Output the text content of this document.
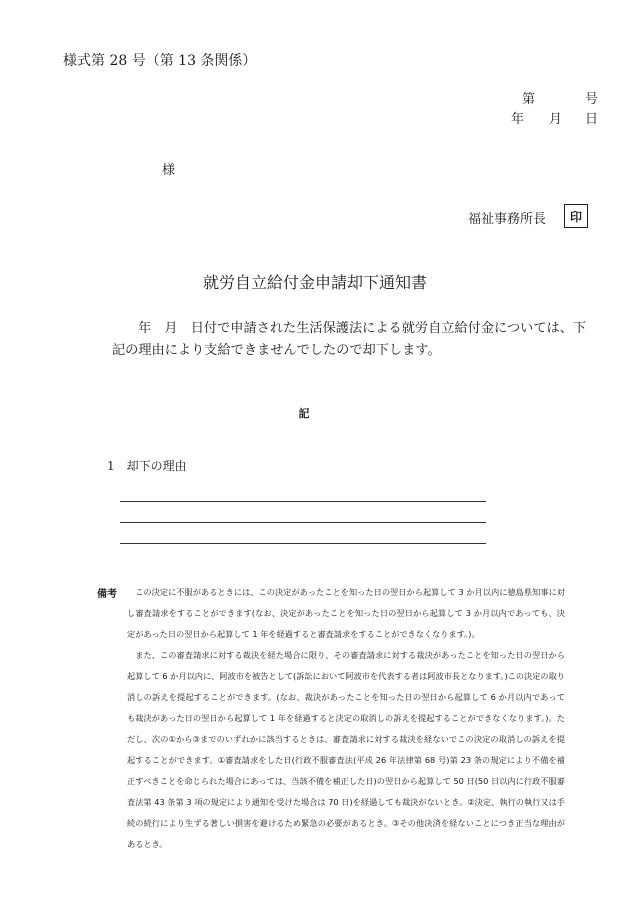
様式第 28 号（第 13 条関係）
第	号
年 月 日
様
福祉事務所長	印
就労自立給付金申請却下通知書
年　月　日付で申請された生活保護法による就労自立給付金については、下記の理由により支給できませんでしたので却下します。
記
1　却下の理由
備考	この決定に不服があるときには、この決定があったことを知った日の翌日から起算して 3 か月以内に徳島県知事に対し審査請求をすることができます(なお、決定があったことを知った日の翌日から起算して 3 か月以内であっても、決定があった日の翌日から起算して 1 年を経過すると審査請求をすることができなくなります。)。

また、この審査請求に対する裁決を経た場合に限り、その審査請求に対する裁決があったことを知った日の翌日から起算して 6 か月以内に、阿波市を被告として(訴訟において阿波市を代表する者は阿波市長となります。)この決定の取り消しの訴えを提起することができます。(なお、裁決があったことを知った日の翌日から起算して 6 か月以内であっても裁決があった日の翌日から起算して 1 年を経過すると決定の取消しの訴えを提起することができなくなります。)。ただし、次の①から③までのいずれかに該当するときは、審査請求に対する裁決を経ないでこの決定の取消しの訴えを提起することができます。①審査請求をした日(行政不服審査法(平成 26 年法律第 68 号)第 23 条の規定により不備を補正すべきことを命じられた場合にあっては、当該不備を補正した日)の翌日から起算して 50 日(50 日以内に行政不服審査法第 43 条第 3 項の規定により通知を受けた場合は 70 日)を経過しても裁決がないとき。②決定、執行の執行又は手続の続行により生ずる著しい損害を避けるため緊急の必要があるとき。③その他決済を経ないことにつき正当な理由があるとき。
